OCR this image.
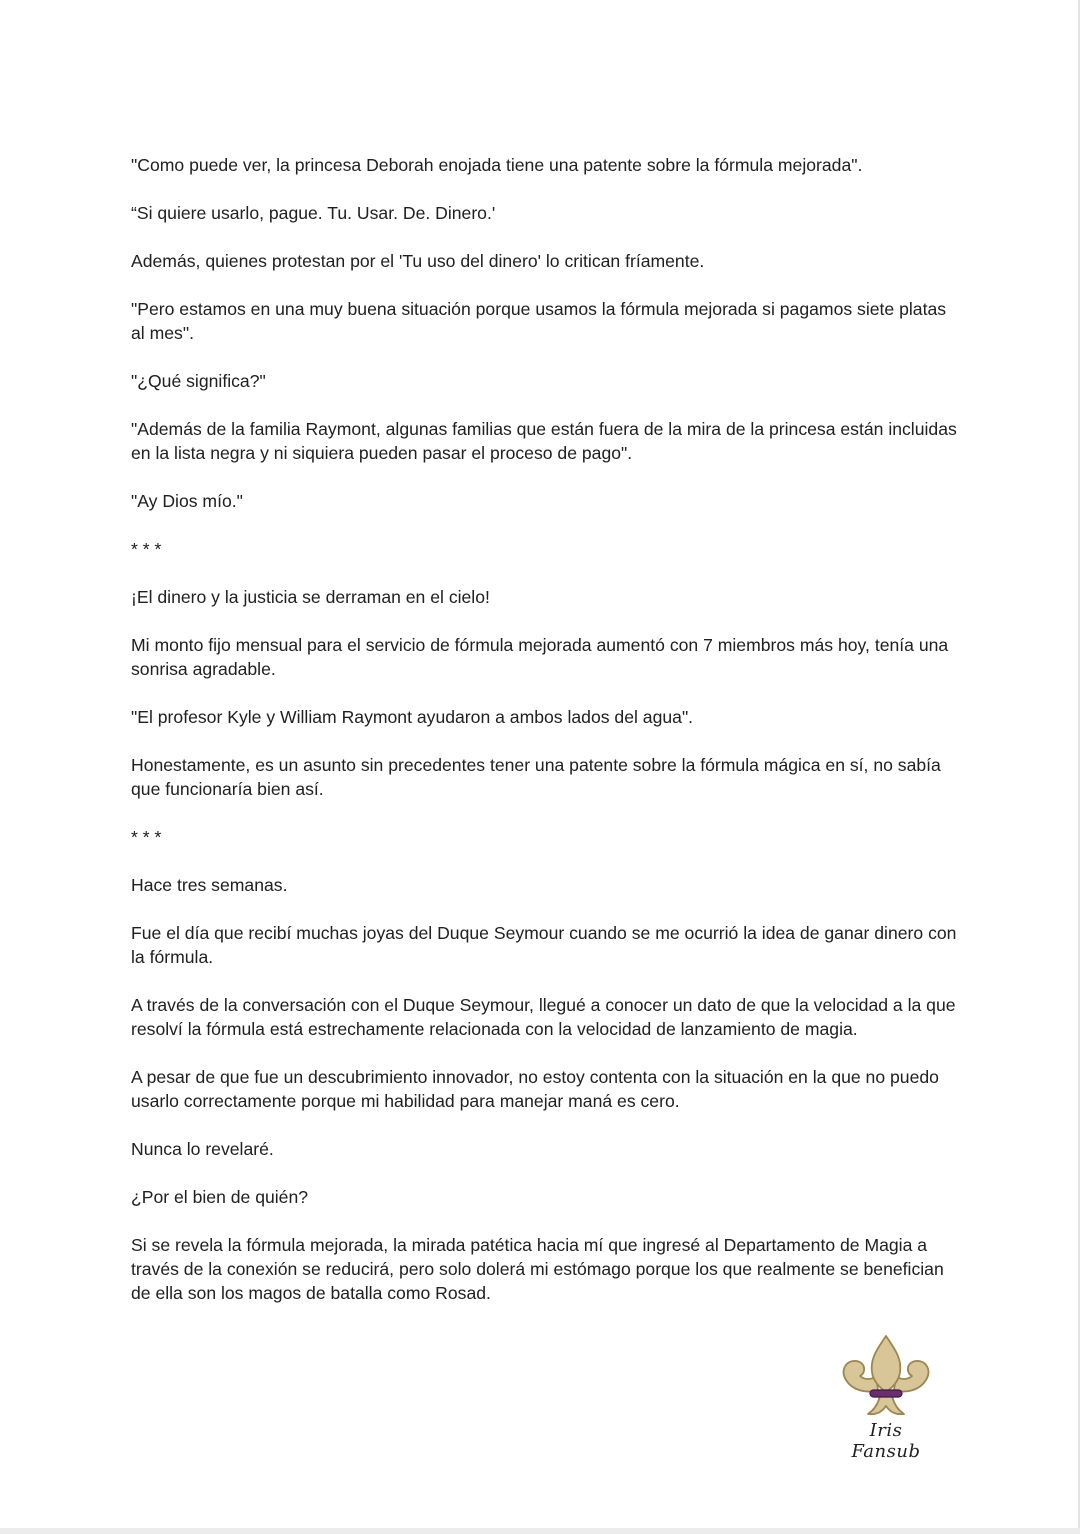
"Como puede ver, la princesa Deborah enojada tiene una patente sobre la fórmula mejorada".

“Si quiere usarlo, pague. Tu. Usar. De. Dinero.'

Además, quienes protestan por el 'Tu uso del dinero' lo critican fríamente.

"Pero estamos en una muy buena situación porque usamos la fórmula mejorada si pagamos siete platas al mes".

"¿Qué significa?"

"Además de la familia Raymont, algunas familias que están fuera de la mira de la princesa están incluidas en la lista negra y ni siquiera pueden pasar el proceso de pago".

"Ay Dios mío."

* * *

¡El dinero y la justicia se derraman en el cielo!

Mi monto fijo mensual para el servicio de fórmula mejorada aumentó con 7 miembros más hoy, tenía una sonrisa agradable.

"El profesor Kyle y William Raymont ayudaron a ambos lados del agua".

Honestamente, es un asunto sin precedentes tener una patente sobre la fórmula mágica en sí, no sabía que funcionaría bien así.

* * *

Hace tres semanas.

Fue el día que recibí muchas joyas del Duque Seymour cuando se me ocurrió la idea de ganar dinero con la fórmula.

A través de la conversación con el Duque Seymour, llegué a conocer un dato de que la velocidad a la que resolví la fórmula está estrechamente relacionada con la velocidad de lanzamiento de magia.

A pesar de que fue un descubrimiento innovador, no estoy contenta con la situación en la que no puedo usarlo correctamente porque mi habilidad para manejar maná es cero.

Nunca lo revelaré.

¿Por el bien de quién?

Si se revela la fórmula mejorada, la mirada patética hacia mí que ingresé al Departamento de Magia a través de la conexión se reducirá, pero solo dolerá mi estómago porque los que realmente se benefician de ella son los magos de batalla como Rosad.

Iris Fansub
